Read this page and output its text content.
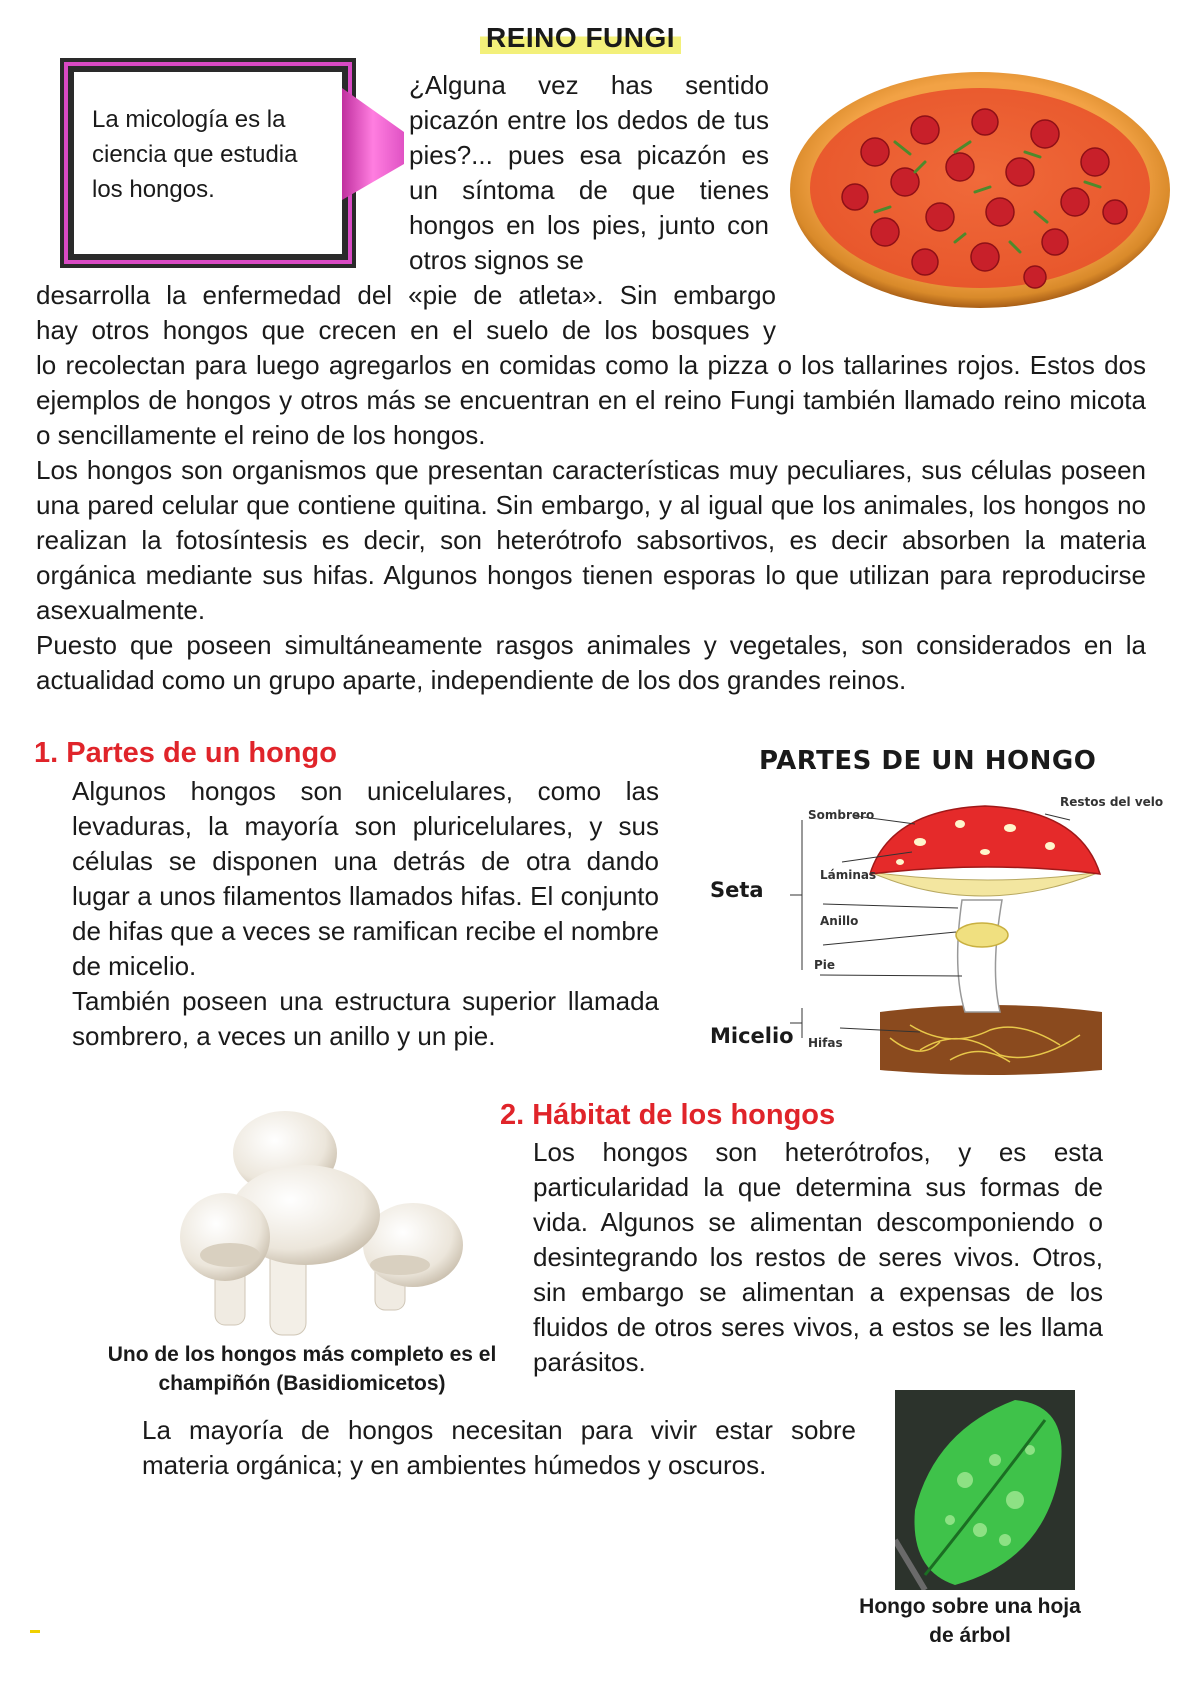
REINO FUNGI
La micología es la ciencia que estudia los hongos.

¿Alguna vez has sentido picazón entre los dedos de tus pies?... pues esa picazón es un síntoma de que tienes hongos en los pies, junto con otros signos se

desarrolla la enfermedad del «pie de atleta». Sin embargo
hay otros hongos que crecen en el suelo de los bosques y
lo recolectan para luego agregarlos en comidas como la pizza o los tallarines rojos. Estos dos ejemplos de hongos y otros más se encuentran en el reino Fungi también llamado reino micota o sencillamente el reino de los hongos.
Los hongos son organismos que presentan características muy peculiares, sus células poseen una pared celular que contiene quitina. Sin embargo, y al igual que los animales, los hongos no realizan la fotosíntesis es decir, son heterótrofo sabsortivos, es decir absorben la materia orgánica mediante sus hifas. Algunos hongos tienen esporas lo que utilizan para reproducirse asexualmente.
Puesto que poseen simultáneamente rasgos animales y vegetales, son considerados en la actualidad como un grupo aparte, independiente de los dos grandes reinos.
1. Partes de un hongo
Algunos hongos son unicelulares, como las levaduras, la mayoría son pluricelulares, y sus células se disponen una detrás de otra dando lugar a unos filamentos llamados hifas. El conjunto de hifas que a veces se ramifican recibe el nombre de micelio.
También poseen una estructura superior llamada sombrero, a veces un anillo y un pie.
PARTES DE UN HONGO
Restos del velo
Sombrero
Láminas
Anillo
Pie
Hifas
Seta
Micelio
Uno de los hongos más completo es el champiñón (Basidiomicetos)
2. Hábitat de los hongos
Los hongos son heterótrofos, y es esta particularidad la que determina sus formas de vida. Algunos se alimentan descomponiendo o desintegrando los restos de seres vivos. Otros, sin embargo se alimentan a expensas de los fluidos de otros seres vivos, a estos se les llama parásitos.
La mayoría de hongos necesitan para vivir estar sobre materia orgánica; y en ambientes húmedos y oscuros.
Hongo sobre una hoja de árbol
